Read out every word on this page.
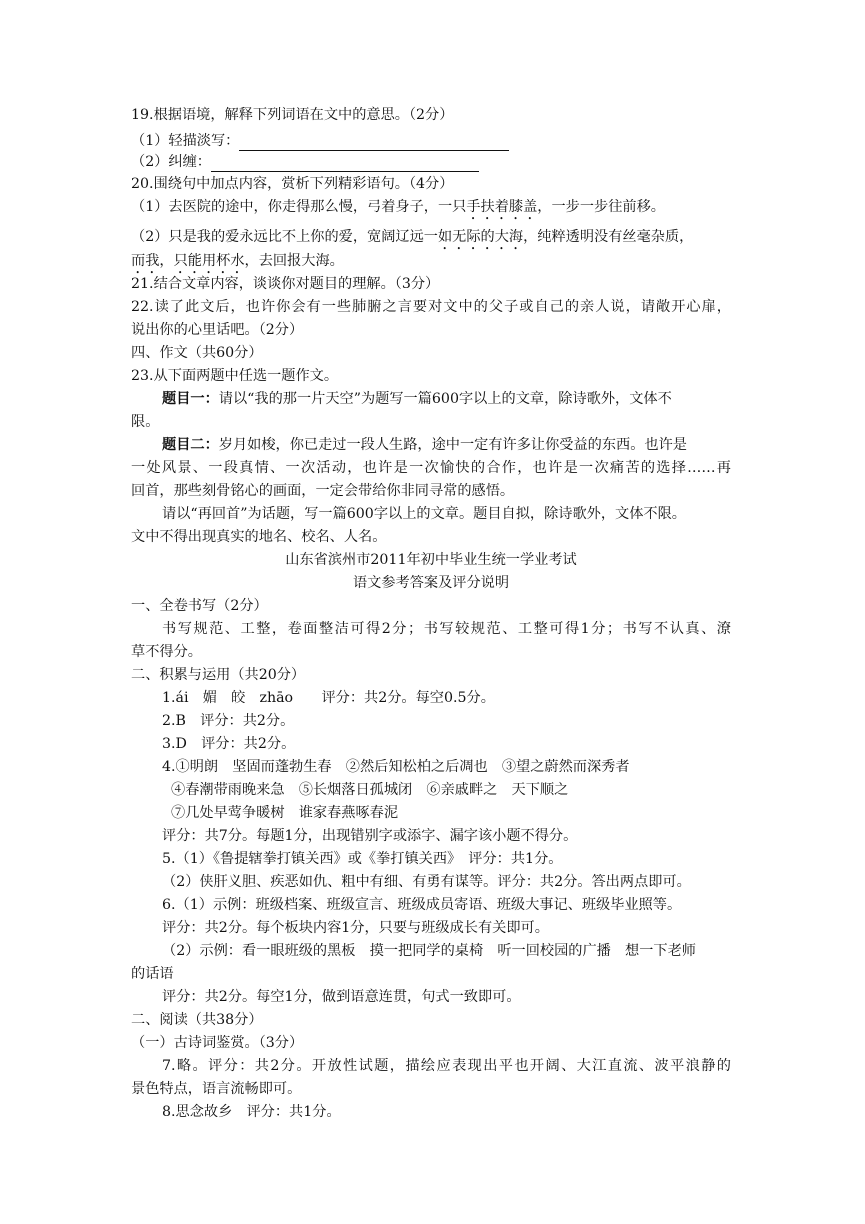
19.根据语境，解释下列词语在文中的意思。（2分）
（1）轻描淡写：
（2）纠缠：
20.围绕句中加点内容，赏析下列精彩语句。（4分）
（1）去医院的途中，你走得那么慢，弓着身子，一只手扶着膝盖，一步一步往前移。
（2）只是我的爱永远比不上你的爱，宽阔辽远一如无际的大海，纯粹透明没有丝毫杂质，
而我，只能用杯水，去回报大海。
21.结合文章内容，谈谈你对题目的理解。（3分）
22.读了此文后，也许你会有一些肺腑之言要对文中的父子或自己的亲人说，请敞开心扉，
说出你的心里话吧。（2分）
四、作文（共60分）
23.从下面两题中任选一题作文。
题目一：请以“我的那一片天空”为题写一篇600字以上的文章，除诗歌外，文体不
限。
题目二：岁月如梭，你已走过一段人生路，途中一定有许多让你受益的东西。也许是
一处风景、一段真情、一次活动，也许是一次愉快的合作，也许是一次痛苦的选择……再
回首，那些刻骨铭心的画面，一定会带给你非同寻常的感悟。
请以“再回首”为话题，写一篇600字以上的文章。题目自拟，除诗歌外，文体不限。
文中不得出现真实的地名、校名、人名。
山东省滨州市2011年初中毕业生统一学业考试
语文参考答案及评分说明
一、全卷书写（2分）
书写规范、工整，卷面整洁可得2分；书写较规范、工整可得1分；书写不认真、潦
草不得分。
二、积累与运用（共20分）
1.ái　媚　皎　zhāo　　评分：共2分。每空0.5分。
2.B　评分：共2分。
3.D　评分：共2分。
4.①明朗　坚固而蓬勃生春　②然后知松柏之后凋也　③望之蔚然而深秀者
④春潮带雨晚来急　⑤长烟落日孤城闭　⑥亲戚畔之　天下顺之
⑦几处早莺争暖树　谁家春燕啄春泥
评分：共7分。每题1分，出现错别字或添字、漏字该小题不得分。
5.（1）《鲁提辖拳打镇关西》或《拳打镇关西》　评分：共1分。
（2）侠肝义胆、疾恶如仇、粗中有细、有勇有谋等。评分：共2分。答出两点即可。
6.（1）示例：班级档案、班级宣言、班级成员寄语、班级大事记、班级毕业照等。
评分：共2分。每个板块内容1分，只要与班级成长有关即可。
（2）示例：看一眼班级的黑板　摸一把同学的桌椅　听一回校园的广播　想一下老师
的话语
评分：共2分。每空1分，做到语意连贯，句式一致即可。
二、阅读（共38分）
（一）古诗词鉴赏。（3分）
7.略。评分：共2分。开放性试题，描绘应表现出平也开阔、大江直流、波平浪静的
景色特点，语言流畅即可。
8.思念故乡　评分：共1分。
